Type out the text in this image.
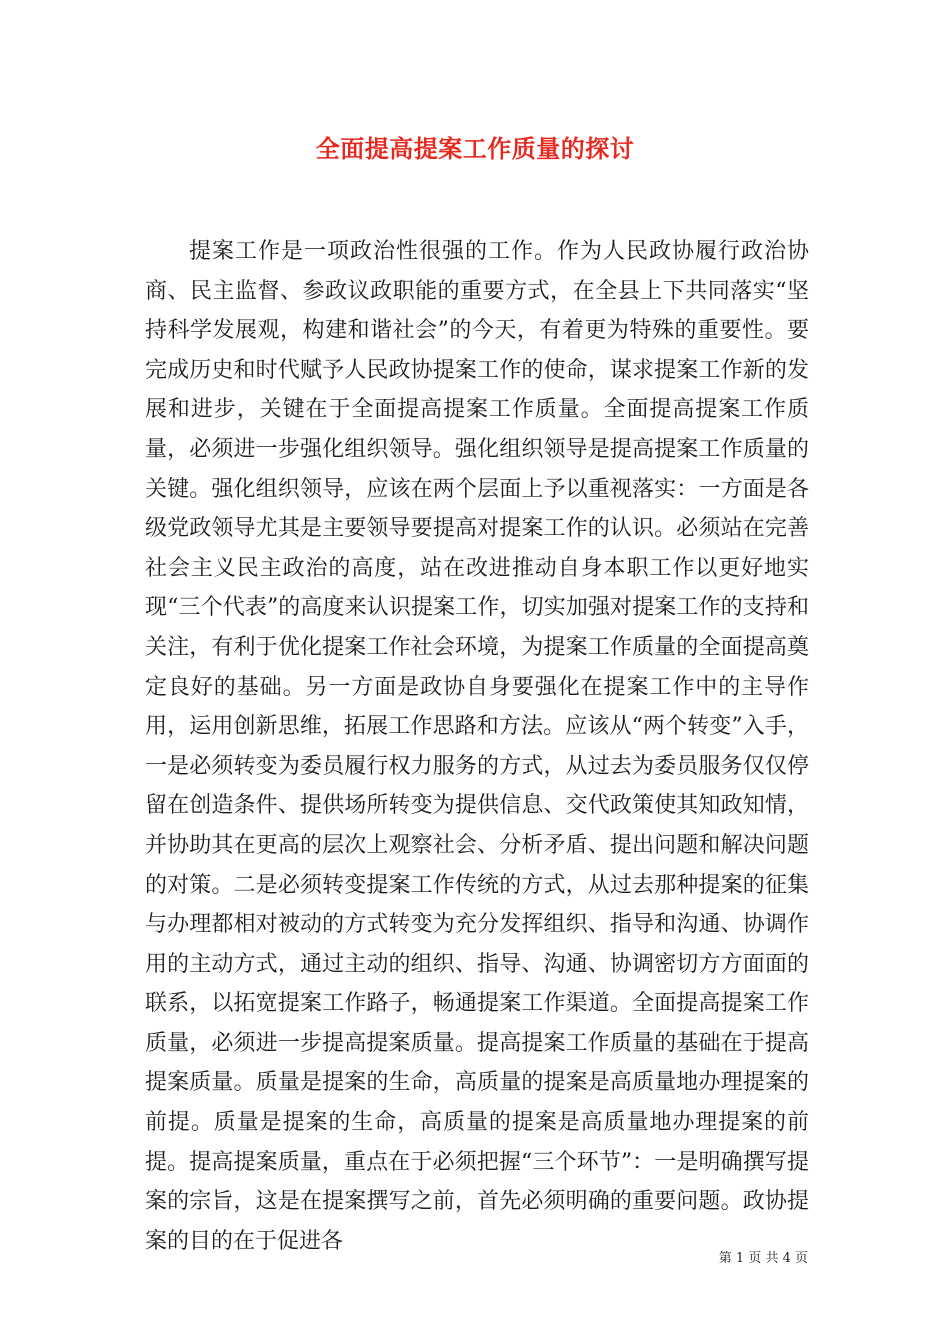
全面提高提案工作质量的探讨

提案工作是一项政治性很强的工作。作为人民政协履行政治协商、民主监督、参政议政职能的重要方式，在全县上下共同落实“坚持科学发展观，构建和谐社会”的今天，有着更为特殊的重要性。要完成历史和时代赋予人民政协提案工作的使命，谋求提案工作新的发展和进步，关键在于全面提高提案工作质量。全面提高提案工作质量，必须进一步强化组织领导。强化组织领导是提高提案工作质量的关键。强化组织领导，应该在两个层面上予以重视落实：一方面是各级党政领导尤其是主要领导要提高对提案工作的认识。必须站在完善社会主义民主政治的高度，站在改进推动自身本职工作以更好地实现“三个代表”的高度来认识提案工作，切实加强对提案工作的支持和关注，有利于优化提案工作社会环境，为提案工作质量的全面提高奠定良好的基础。另一方面是政协自身要强化在提案工作中的主导作用，运用创新思维，拓展工作思路和方法。应该从“两个转变”入手，一是必须转变为委员履行权力服务的方式，从过去为委员服务仅仅停留在创造条件、提供场所转变为提供信息、交代政策使其知政知情，并协助其在更高的层次上观察社会、分析矛盾、提出问题和解决问题的对策。二是必须转变提案工作传统的方式，从过去那种提案的征集与办理都相对被动的方式转变为充分发挥组织、指导和沟通、协调作用的主动方式，通过主动的组织、指导、沟通、协调密切方方面面的联系，以拓宽提案工作路子，畅通提案工作渠道。全面提高提案工作质量，必须进一步提高提案质量。提高提案工作质量的基础在于提高提案质量。质量是提案的生命，高质量的提案是高质量地办理提案的前提。质量是提案的生命，高质量的提案是高质量地办理提案的前提。提高提案质量，重点在于必须把握“三个环节”：一是明确撰写提案的宗旨，这是在提案撰写之前，首先必须明确的重要问题。政协提案的目的在于促进各

第 1 页 共 4 页
